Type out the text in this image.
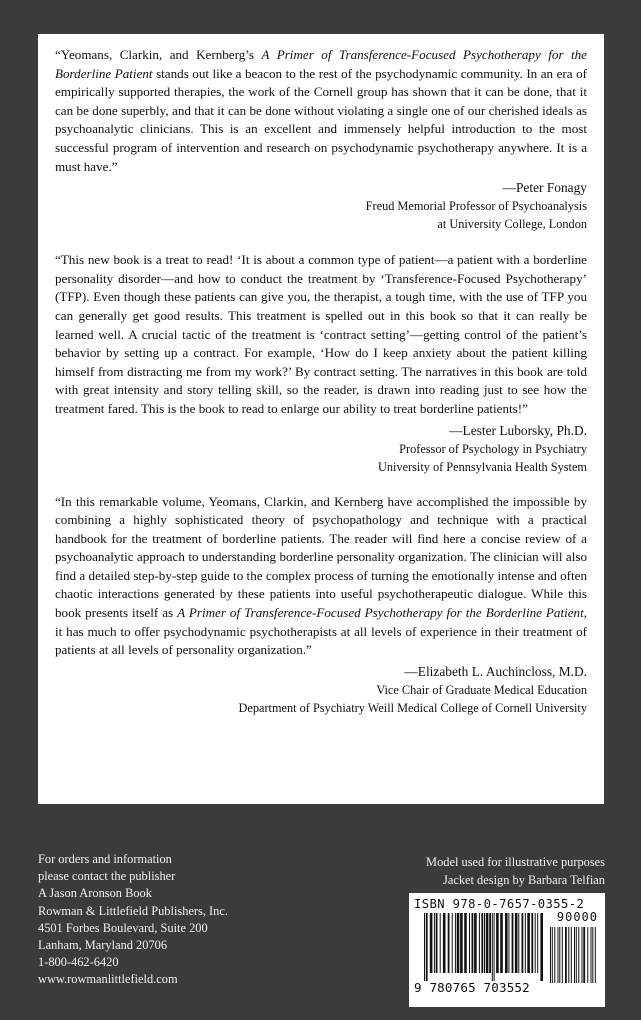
“Yeomans, Clarkin, and Kernberg’s A Primer of Transference-Focused Psychotherapy for the Borderline Patient stands out like a beacon to the rest of the psychodynamic community. In an era of empirically supported therapies, the work of the Cornell group has shown that it can be done, that it can be done superbly, and that it can be done without violating a single one of our cherished ideals as psychoanalytic clinicians. This is an excellent and immensely helpful introduction to the most successful program of intervention and research on psychodynamic psychotherapy anywhere. It is a must have.”

—Peter Fonagy
Freud Memorial Professor of Psychoanalysis
at University College, London

“This new book is a treat to read! ‘It is about a common type of patient—a patient with a borderline personality disorder—and how to conduct the treatment by ‘Transference-Focused Psychotherapy’ (TFP). Even though these patients can give you, the therapist, a tough time, with the use of TFP you can generally get good results. This treatment is spelled out in this book so that it can really be learned well. A crucial tactic of the treatment is ‘contract setting’—getting control of the patient’s behavior by setting up a contract. For example, ‘How do I keep anxiety about the patient killing himself from distracting me from my work?’ By contract setting. The narratives in this book are told with great intensity and story telling skill, so the reader, is drawn into reading just to see how the treatment fared. This is the book to read to enlarge our ability to treat borderline patients!”

—Lester Luborsky, Ph.D.
Professor of Psychology in Psychiatry
University of Pennsylvania Health System

“In this remarkable volume, Yeomans, Clarkin, and Kernberg have accomplished the impossible by combining a highly sophisticated theory of psychopathology and technique with a practical handbook for the treatment of borderline patients. The reader will find here a concise review of a psychoanalytic approach to understanding borderline personality organization. The clinician will also find a detailed step-by-step guide to the complex process of turning the emotionally intense and often chaotic interactions generated by these patients into useful psychotherapeutic dialogue. While this book presents itself as A Primer of Transference-Focused Psychotherapy for the Borderline Patient, it has much to offer psychodynamic psychotherapists at all levels of experience in their treatment of patients at all levels of personality organization.”

—Elizabeth L. Auchincloss, M.D.
Vice Chair of Graduate Medical Education
Department of Psychiatry Weill Medical College of Cornell University
For orders and information
please contact the publisher
A Jason Aronson Book
Rowman & Littlefield Publishers, Inc.
4501 Forbes Boulevard, Suite 200
Lanham, Maryland 20706
1-800-462-6420
www.rowmanlittlefield.com
Model used for illustrative purposes
Jacket design by Barbara Telfian
ISBN 978-0-7657-0355-2
90000
9 780765 703552
